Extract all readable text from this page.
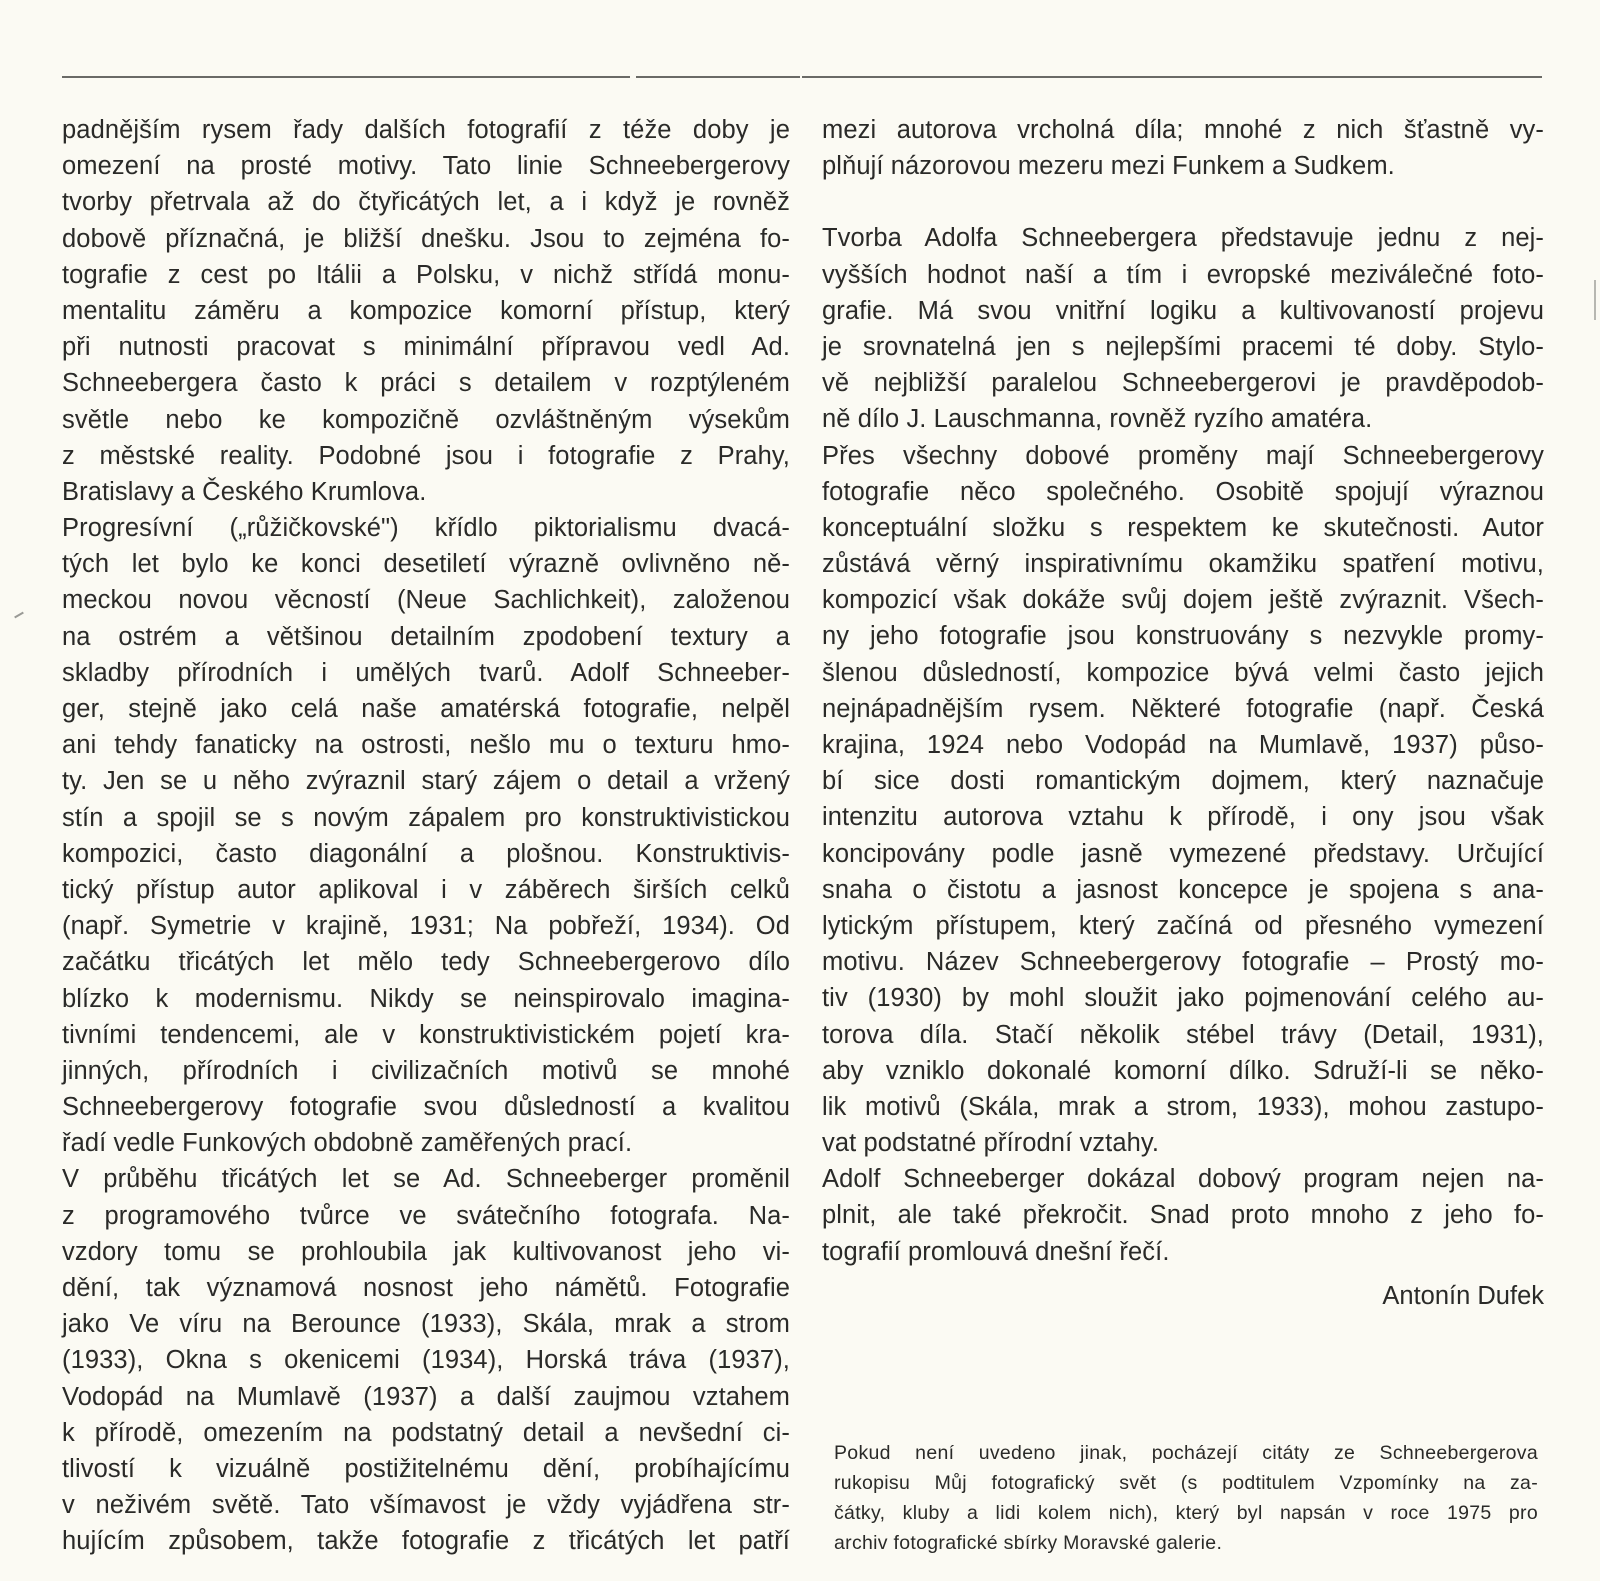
padnějším rysem řady dalších fotografií z téže doby je
omezení na prosté motivy. Tato linie Schneebergerovy
tvorby přetrvala až do čtyřicátých let, a i když je rovněž
dobově příznačná, je bližší dnešku. Jsou to zejména fo-
tografie z cest po Itálii a Polsku, v nichž střídá monu-
mentalitu záměru a kompozice komorní přístup, který
při nutnosti pracovat s minimální přípravou vedl Ad.
Schneebergera často k práci s detailem v rozptýleném
světle nebo ke kompozičně ozvláštněným výsekům
z městské reality. Podobné jsou i fotografie z Prahy,
Bratislavy a Českého Krumlova.
Progresívní („růžičkovské") křídlo piktorialismu dvacá-
tých let bylo ke konci desetiletí výrazně ovlivněno ně-
meckou novou věcností (Neue Sachlichkeit), založenou
na ostrém a většinou detailním zpodobení textury a
skladby přírodních i umělých tvarů. Adolf Schneeber-
ger, stejně jako celá naše amatérská fotografie, nelpěl
ani tehdy fanaticky na ostrosti, nešlo mu o texturu hmo-
ty. Jen se u něho zvýraznil starý zájem o detail a vržený
stín a spojil se s novým zápalem pro konstruktivistickou
kompozici, často diagonální a plošnou. Konstruktivis-
tický přístup autor aplikoval i v záběrech širších celků
(např. Symetrie v krajině, 1931; Na pobřeží, 1934). Od
začátku třicátých let mělo tedy Schneebergerovo dílo
blízko k modernismu. Nikdy se neinspirovalo imagina-
tivními tendencemi, ale v konstruktivistickém pojetí kra-
jinných, přírodních i civilizačních motivů se mnohé
Schneebergerovy fotografie svou důsledností a kvalitou
řadí vedle Funkových obdobně zaměřených prací.
V průběhu třicátých let se Ad. Schneeberger proměnil
z programového tvůrce ve svátečního fotografa. Na-
vzdory tomu se prohloubila jak kultivovanost jeho vi-
dění, tak významová nosnost jeho námětů. Fotografie
jako Ve víru na Berounce (1933), Skála, mrak a strom
(1933), Okna s okenicemi (1934), Horská tráva (1937),
Vodopád na Mumlavě (1937) a další zaujmou vztahem
k přírodě, omezením na podstatný detail a nevšední ci-
tlivostí k vizuálně postižitelnému dění, probíhajícímu
v neživém světě. Tato všímavost je vždy vyjádřena str-
hujícím způsobem, takže fotografie z třicátých let patří
mezi autorova vrcholná díla; mnohé z nich šťastně vy-
plňují názorovou mezeru mezi Funkem a Sudkem.
Tvorba Adolfa Schneebergera představuje jednu z nej-
vyšších hodnot naší a tím i evropské meziválečné foto-
grafie. Má svou vnitřní logiku a kultivovaností projevu
je srovnatelná jen s nejlepšími pracemi té doby. Stylo-
vě nejbližší paralelou Schneebergerovi je pravděpodob-
ně dílo J. Lauschmanna, rovněž ryzího amatéra.
Přes všechny dobové proměny mají Schneebergerovy
fotografie něco společného. Osobitě spojují výraznou
konceptuální složku s respektem ke skutečnosti. Autor
zůstává věrný inspirativnímu okamžiku spatření motivu,
kompozicí však dokáže svůj dojem ještě zvýraznit. Všech-
ny jeho fotografie jsou konstruovány s nezvykle promy-
šlenou důsledností, kompozice bývá velmi často jejich
nejnápadnějším rysem. Některé fotografie (např. Česká
krajina, 1924 nebo Vodopád na Mumlavě, 1937) půso-
bí sice dosti romantickým dojmem, který naznačuje
intenzitu autorova vztahu k přírodě, i ony jsou však
koncipovány podle jasně vymezené představy. Určující
snaha o čistotu a jasnost koncepce je spojena s ana-
lytickým přístupem, který začíná od přesného vymezení
motivu. Název Schneebergerovy fotografie – Prostý mo-
tiv (1930) by mohl sloužit jako pojmenování celého au-
torova díla. Stačí několik stébel trávy (Detail, 1931),
aby vzniklo dokonalé komorní dílko. Sdruží-li se něko-
lik motivů (Skála, mrak a strom, 1933), mohou zastupo-
vat podstatné přírodní vztahy.
Adolf Schneeberger dokázal dobový program nejen na-
plnit, ale také překročit. Snad proto mnoho z jeho fo-
tografií promlouvá dnešní řečí.
Antonín Dufek
Pokud není uvedeno jinak, pocházejí citáty ze Schneebergerova
rukopisu Můj fotografický svět (s podtitulem Vzpomínky na za-
čátky, kluby a lidi kolem nich), který byl napsán v roce 1975 pro
archiv fotografické sbírky Moravské galerie.
